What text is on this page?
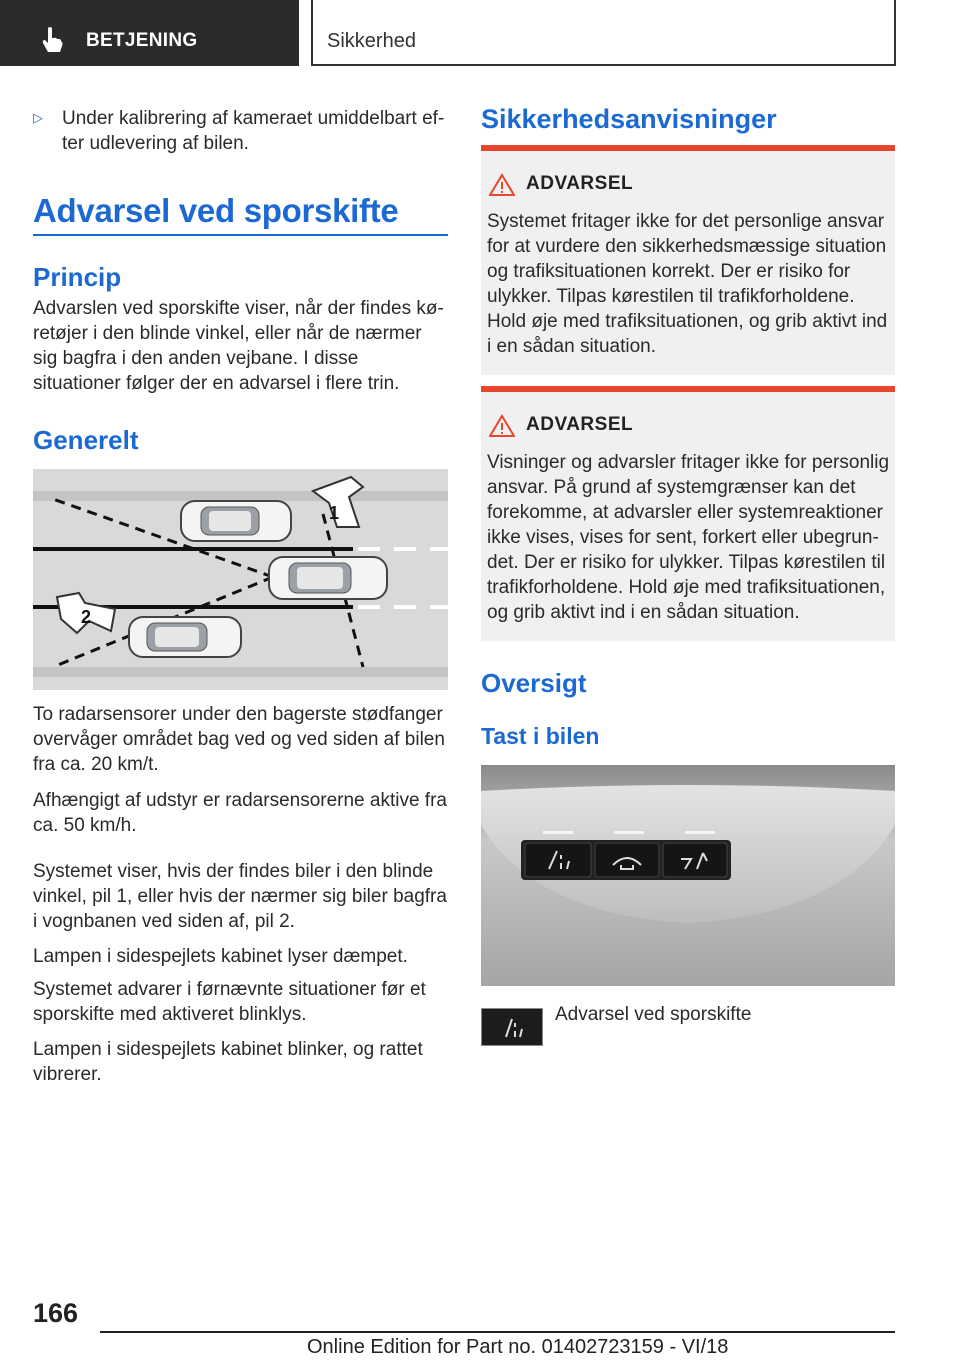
BETJENING	Sikkerhed
▷ Under kalibrering af kameraet umiddelbart efter udlevering af bilen.

Advarsel ved sporskifte
Princip

Advarslen ved sporskifte viser, når der findes køretøjer i den blinde vinkel, eller når de nærmer sig bagfra i den anden vejbane. I disse situationer følger der en advarsel i flere trin.

Generelt
1
2

To radarsensorer under den bagerste stødfanger overvåger området bag ved og ved siden af bilen fra ca. 20 km/t.

Afhængigt af udstyr er radarsensorerne aktive fra ca. 50 km/h.

Systemet viser, hvis der findes biler i den blinde vinkel, pil 1, eller hvis der nærmer sig biler bagfra i vognbanen ved siden af, pil 2.

Lampen i sidespejlets kabinet lyser dæmpet.

Systemet advarer i førnævnte situationer før et sporskifte med aktiveret blinklys.

Lampen i sidespejlets kabinet blinker, og rattet vibrerer.

Sikkerhedsanvisninger
ADVARSEL

Systemet fritager ikke for det personlige ansvar for at vurdere den sikkerhedsmæssige situation og trafiksituationen korrekt. Der er risiko for ulykker. Tilpas kørestilen til trafikforholdene. Hold øje med trafiksituationen, og grib aktivt ind i en sådan situation.

ADVARSEL

Visninger og advarsler fritager ikke for personlig ansvar. På grund af systemgrænser kan det forekomme, at advarsler eller systemreaktioner ikke vises, vises for sent, forkert eller ubegrundet. Der er risiko for ulykker. Tilpas kørestilen til trafikforholdene. Hold øje med trafiksituationen, og grib aktivt ind i en sådan situation.

Oversigt
Tast i bilen
Advarsel ved sporskifte
166
Online Edition for Part no. 01402723159 - VI/18
